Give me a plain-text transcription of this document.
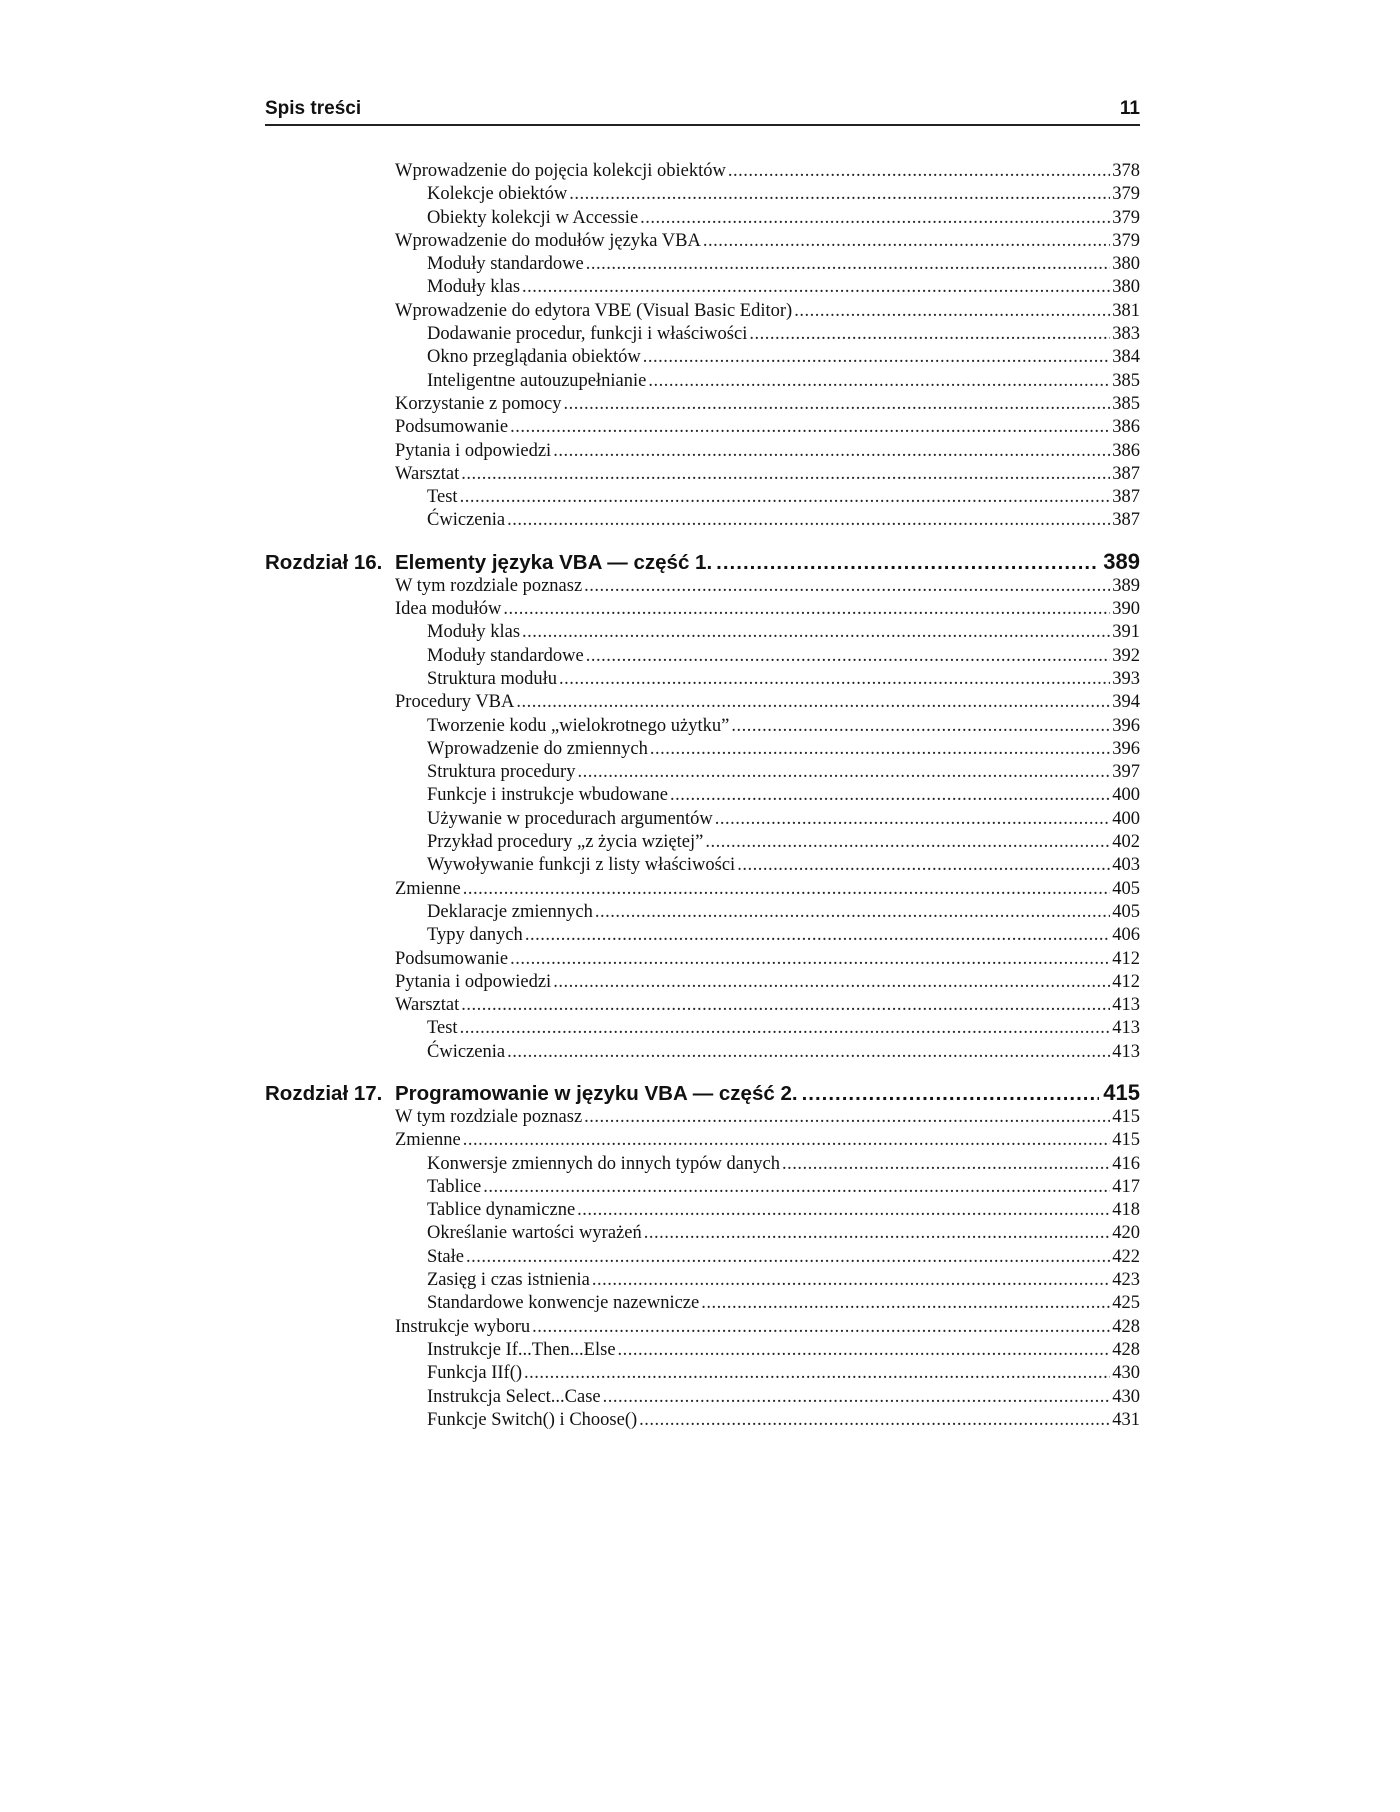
Spis treści	11
Wprowadzenie do pojęcia kolekcji obiektów .....	378
Kolekcje obiektów .....	379
Obiekty kolekcji w Accessie .....	379
Wprowadzenie do modułów języka VBA .....	379
Moduły standardowe .....	380
Moduły klas .....	380
Wprowadzenie do edytora VBE (Visual Basic Editor) .....	381
Dodawanie procedur, funkcji i właściwości .....	383
Okno przeglądania obiektów .....	384
Inteligentne autouzupełnianie .....	385
Korzystanie z pomocy .....	385
Podsumowanie .....	386
Pytania i odpowiedzi .....	386
Warsztat .....	387
Test .....	387
Ćwiczenia .....	387
Rozdział 16. Elementy języka VBA — część 1. .....	389
W tym rozdziale poznasz .....	389
Idea modułów .....	390
Moduły klas .....	391
Moduły standardowe .....	392
Struktura modułu .....	393
Procedury VBA .....	394
Tworzenie kodu „wielokrotnego użytku” .....	396
Wprowadzenie do zmiennych .....	396
Struktura procedury .....	397
Funkcje i instrukcje wbudowane .....	400
Używanie w procedurach argumentów .....	400
Przykład procedury „z życia wziętej” .....	402
Wywoływanie funkcji z listy właściwości .....	403
Zmienne .....	405
Deklaracje zmiennych .....	405
Typy danych .....	406
Podsumowanie .....	412
Pytania i odpowiedzi .....	412
Warsztat .....	413
Test .....	413
Ćwiczenia .....	413
Rozdział 17. Programowanie w języku VBA — część 2. .....	415
W tym rozdziale poznasz .....	415
Zmienne .....	415
Konwersje zmiennych do innych typów danych .....	416
Tablice .....	417
Tablice dynamiczne .....	418
Określanie wartości wyrażeń .....	420
Stałe .....	422
Zasięg i czas istnienia .....	423
Standardowe konwencje nazewnicze .....	425
Instrukcje wyboru .....	428
Instrukcje If...Then...Else .....	428
Funkcja IIf() .....	430
Instrukcja Select...Case .....	430
Funkcje Switch() i Choose() .....	431
